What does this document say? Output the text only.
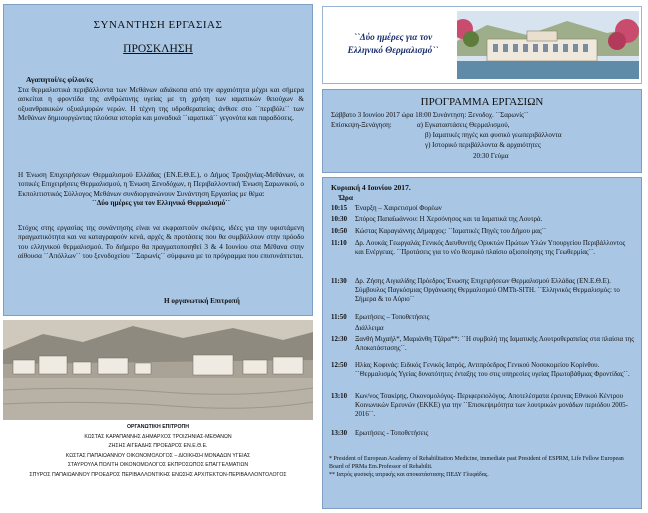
ΣΥΝΑΝΤΗΣΗ ΕΡΓΑΣΙΑΣ
ΠΡΟΣΚΛΗΣΗ
Αγαπητοί/ες φίλοι/ες
Στα θερμαλιστικά περιβάλλοντα των Μεθάνων αδιάκοπα από την αρχαιότητα μέχρι και σήμερα ασκείται η φροντίδα της ανθρώπινης υγείας με τη χρήση των ιαματικών θειούχων & οξυανθρακικών οξυαλμυρών νερών. Η τέχνη της υδροθεραπείας άνθισε στο ``περιβόλι`` των Μεθάνων δημιουργώντας πλούσια ιστορία και μοναδικά ``ιαματικά`` γεγονότα και παραδόσεις.
Η Ένωση Επιχειρήσεων Θερμαλισμού Ελλάδας (ΕΝ.Ε.Θ.Ε.), ο Δήμος Τροιζηνίας-Μεθάνων, οι τοπικές Επιχειρήσεις Θερμαλισμού, η Ένωση Ξενοδόχων, η Περιβαλλοντική Ένωση Σαρωνικού, ο Εκπολιτιστικός Σύλλογος Μεθάνων συνδιοργανώνουν Συνάντηση Εργασίας με θέμα:
``Δύο ημέρες για τον Ελληνικό Θερμαλισμό``
Στόχος στης εργασίας της συνάντησης είναι να εκφραστούν σκέψεις, ιδέες για την υφιστάμενη πραγματικότητα και να καταγραφούν κενά, αρχές & προτάσεις που θα συμβάλλουν στην πρόοδο του ελληνικού θερμαλισμού. Το διήμερο θα πραγματοποιηθεί 3 & 4 Ιουνίου στα Μέθανα στην αίθουσα ``Απόλλων`` του ξενοδοχείου ``Σαρωνίς`` σύμφωνα με το πρόγραμμα που επισυνάπτεται.
Η οργανωτική Επιτροπή
ΟΡΓΑΝΩΤΙΚΗ ΕΠΙΤΡΟΠΗ
ΚΩΣΤΑΣ ΚΑΡΑΠΑΝΝΗΣ ΔΗΜΑΡΧΟΣ ΤΡΟΙΖΗΝΙΑΣ-ΜΕΘΑΝΩΝ
ΖΗΣΗΣ ΑΙΓΕΑΔΗΣ ΠΡΟΕΔΡΟΣ ΕΝ.Ε.Θ.Ε.
ΚΩΣΤΑΣ ΠΑΠΑΙΩΑΝΝΟΥ ΟΙΚΟΝΟΜΟΛΟΓΟΣ – ΔΙΟΙΚΗΣΗ ΜΟΝΑΔΩΝ ΥΓΕΙΑΣ
ΣΤΑΥΡΟΥΛΑ ΠΟΛΙΤΗ ΟΙΚΟΝΟΜΟΛΟΓΟΣ ΕΚΠΡΟΣΩΠΟΣ ΕΠΑΓΓΕΛΜΑΤΙΩΝ
ΣΠΥΡΟΣ ΠΑΠΑΙΩΑΝΝΟΥ ΠΡΟΕΔΡΟΣ ΠΕΡΙΒΑΛΛΟΝΤΙΚΗΣ ΕΝΩΣΗΣ ΑΡΧΙΤΕΚΤΩΝ-ΠΕΡΙΒΑΛΛΟΝΤΟΛΟΓΟΣ
``Δύο ημέρες για τον
Ελληνικό Θερμαλισμό``
ΠΡΟΓΡΑΜΜΑ ΕΡΓΑΣΙΩΝ
Σάββατο 3 Ιουνίου 2017 ώρα 18:00 Συνάντηση: Ξενοδοχ. ``Σαρωνίς``
Επίσκεψη-Ξενάγηση:	α) Εγκαταστάσεις Θερμαλισμού,
β) Ιαματικές πηγές και φυσικό γεωπεριβάλλοντα
γ) Ιστορικό περιβάλλοντα & αρχαιότητες
20:30 Γεύμα
Κυριακή 4 Ιουνίου 2017.
Ώρα
10:15	Έναρξη – Χαιρετισμοί Φορέων
10:30	Σπύρος Παπαϊωάννου: Η Χερσόνησος και τα Ιαματικά της Λουτρά.
10:50	Κώστας Καραγιάννης Δήμαρχος: ``Ιαματικές Πηγές του Δήμου μας``
11:10	Δρ. Λουκάς Γεωργαλάς Γενικός Διευθυντής Ορυκτών Πρώτων Υλών Υπουργείου Περιβάλλοντος και Ενέργειας. ``Προτάσεις για το νέο θεσμικό πλαίσιο αξιοποίησης της Γεωθερμίας``.
11:30	Δρ. Ζήσης Αιγιαλίδης Πρόεδρος Ένωσης Επιχειρήσεων Θερμαλισμού Ελλάδας (ΕΝ.Ε.Θ.Ε). Σύμβουλος Παγκόσμιας Οργάνωσης Θερμαλισμού OMTh-SITH. ``Ελληνικός Θερμαλισμός: το Σήμερα & το Αύριο``
11:50	Ερωτήσεις – Τοποθετήσεις
Διάλλειμα
12:30	Ξανθή Μιχαήλ*, Μαριάνθη Τζάρα**: ``Η συμβολή της Ιαματικής Λουτροθεραπείας στα πλαίσια της Αποκατάστασης``.
12:50	Ηλίας Κοφινάς: Ειδικός Γενικός Ιατρός, Αντιπρόεδρος Γενικού Νοσοκομείου Κορίνθου. ``Θερμαλισμός Υγείας δυνατότητες ένταξης του στις υπηρεσίες υγείας Πρωτοβάθμιας Φροντίδας``.
13:10	Κων/νος Τσακίρης, Οικονομολόγος- Περιφερειολόγος. Αποτελέσματα έρευνας Εθνικού Κέντρου Κοινωνικών Ερευνών (ΕΚΚΕ) για την ``Επισκεψιμότητα των λουτρικών μονάδων περιόδου 2005-2016``.
13:30	Ερωτήσεις - Τοποθετήσεις
* President of European Academy of Rehabilitation Medicine, immediate past President of ESPRM, Life Fellow European Board of PRMa Em.Professor of Rehabilit.
** Ιατρός φυσικής ιατρικής και αποκατάστασης ΠΕΔΥ Γλυφάδας.
